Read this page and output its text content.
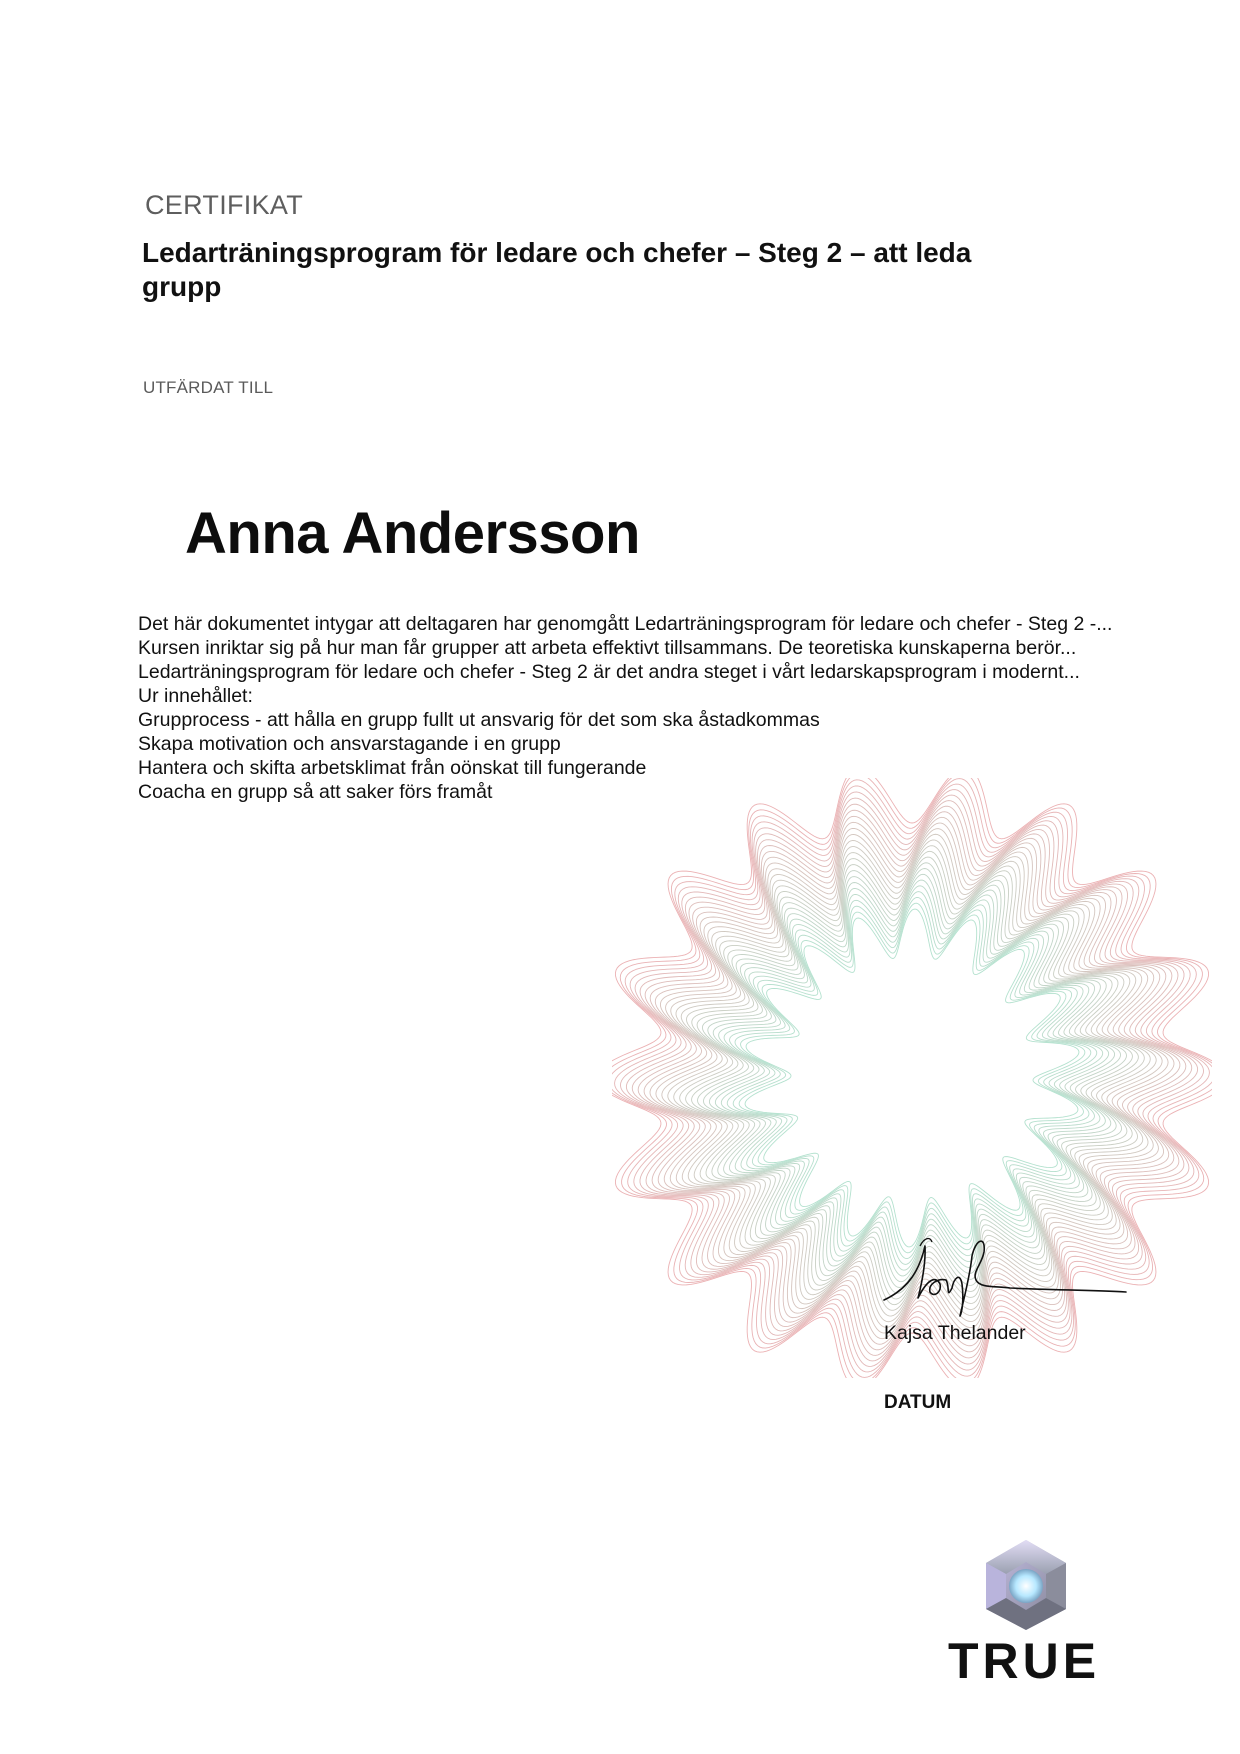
CERTIFIKAT
Ledarträningsprogram för ledare och chefer – Steg 2 – att leda grupp
UTFÄRDAT TILL
Anna Andersson
Det här dokumentet intygar att deltagaren har genomgått Ledarträningsprogram för ledare och chefer - Steg 2 -...
Kursen inriktar sig på hur man får grupper att arbeta effektivt tillsammans. De teoretiska kunskaperna berör...
Ledarträningsprogram för ledare och chefer - Steg 2 är det andra steget i vårt ledarskapsprogram i modernt...
Ur innehållet:
Grupprocess - att hålla en grupp fullt ut ansvarig för det som ska åstadkommas
Skapa motivation och ansvarstagande i en grupp
Hantera och skifta arbetsklimat från oönskat till fungerande
Coacha en grupp så att saker förs framåt
Kajsa Thelander
DATUM
TRUE
